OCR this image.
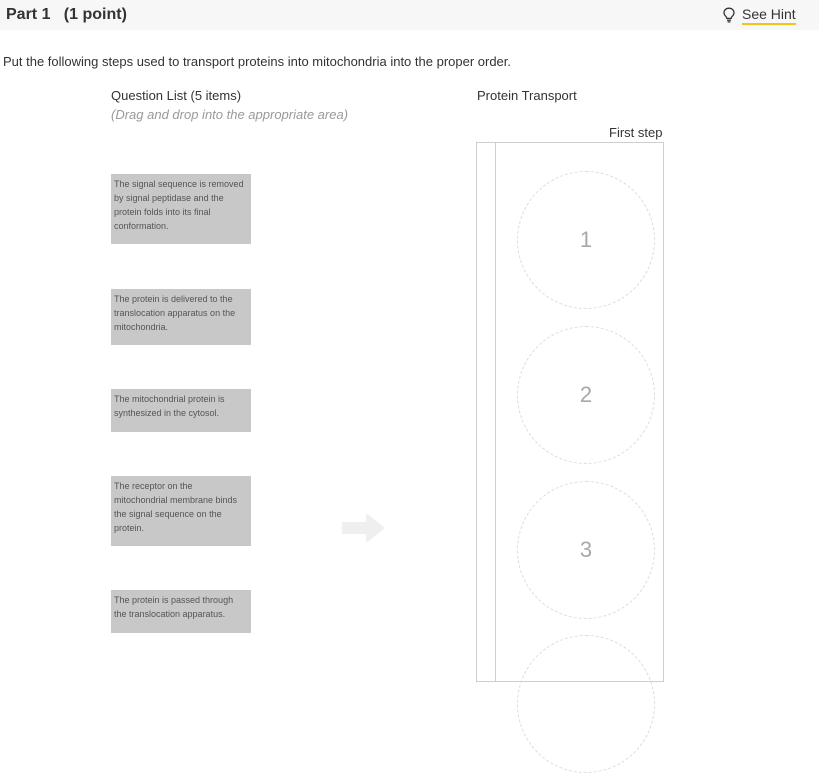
Part 1   (1 point)	See Hint
Put the following steps used to transport proteins into mitochondria into the proper order.
Question List (5 items)
(Drag and drop into the appropriate area)
The signal sequence is removed by signal peptidase and the protein folds into its final conformation.
The protein is delivered to the translocation apparatus on the mitochondria.
The mitochondrial protein is synthesized in the cytosol.
The receptor on the mitochondrial membrane binds the signal sequence on the protein.
The protein is passed through the translocation apparatus.
Protein Transport
First step
1
2
3
